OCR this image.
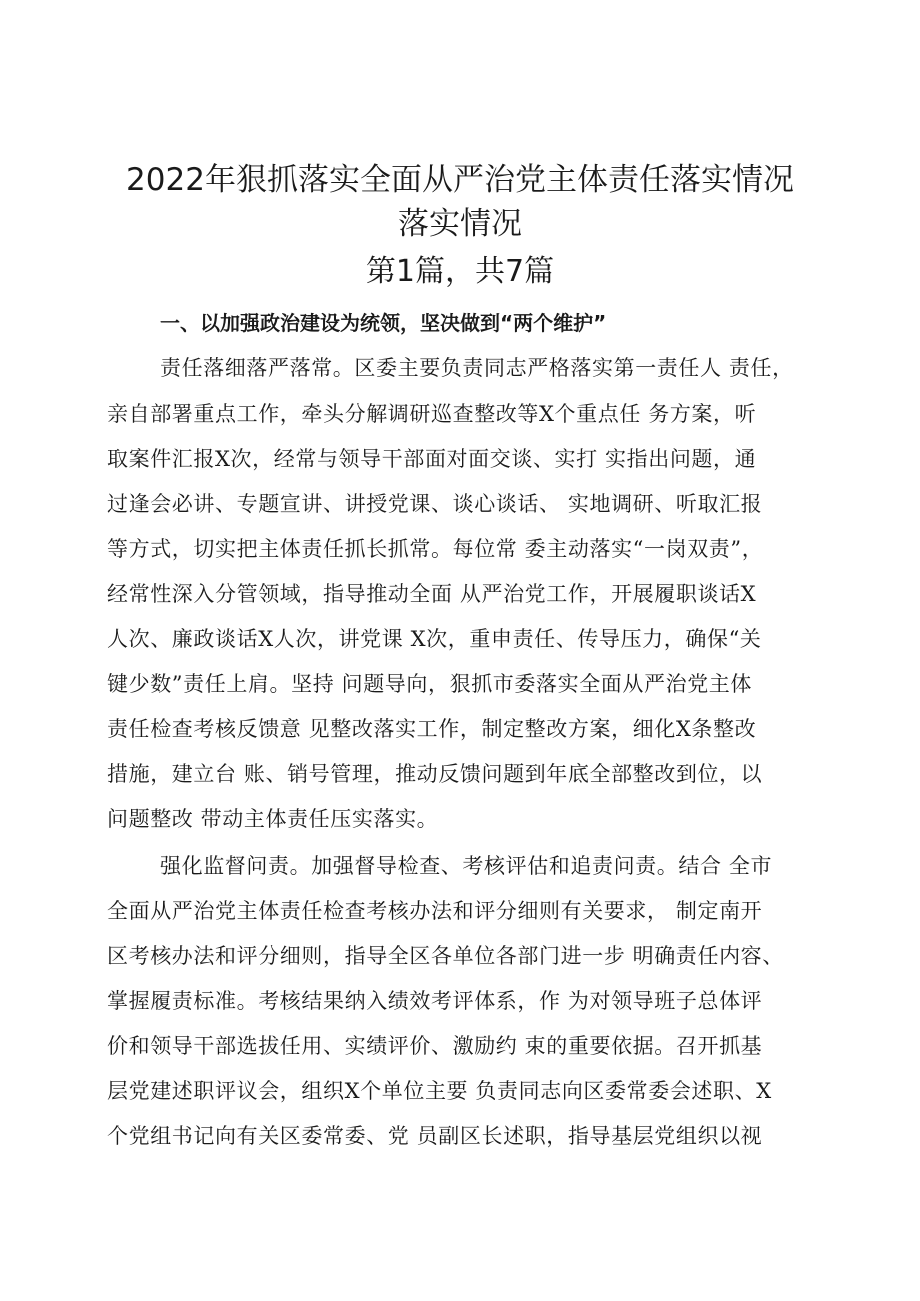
2022年狠抓落实全面从严治党主体责任落实情况
落实情况
第1篇，共7篇
一、以加强政治建设为统领，坚决做到“两个维护”
责任落细落严落常。区委主要负责同志严格落实第一责任人 责任，
亲自部署重点工作，牵头分解调研巡查整改等X个重点任 务方案，听
取案件汇报X次，经常与领导干部面对面交谈、实打 实指出问题，通
过逢会必讲、专题宣讲、讲授党课、谈心谈话、 实地调研、听取汇报
等方式，切实把主体责任抓长抓常。每位常 委主动落实“一岗双责”，
经常性深入分管领域，指导推动全面 从严治党工作，开展履职谈话X
人次、廉政谈话X人次，讲党课 X次，重申责任、传导压力，确保“关
键少数”责任上肩。坚持 问题导向，狠抓市委落实全面从严治党主体
责任检查考核反馈意 见整改落实工作，制定整改方案，细化X条整改
措施，建立台 账、销号管理，推动反馈问题到年底全部整改到位，以
问题整改 带动主体责任压实落实。
强化监督问责。加强督导检查、考核评估和追责问责。结合 全市
全面从严治党主体责任检查考核办法和评分细则有关要求， 制定南开
区考核办法和评分细则，指导全区各单位各部门进一步 明确责任内容、
掌握履责标准。考核结果纳入绩效考评体系，作 为对领导班子总体评
价和领导干部选拔任用、实绩评价、激励约 束的重要依据。召开抓基
层党建述职评议会，组织X个单位主要 负责同志向区委常委会述职、X
个党组书记向有关区委常委、党 员副区长述职，指导基层党组织以视
